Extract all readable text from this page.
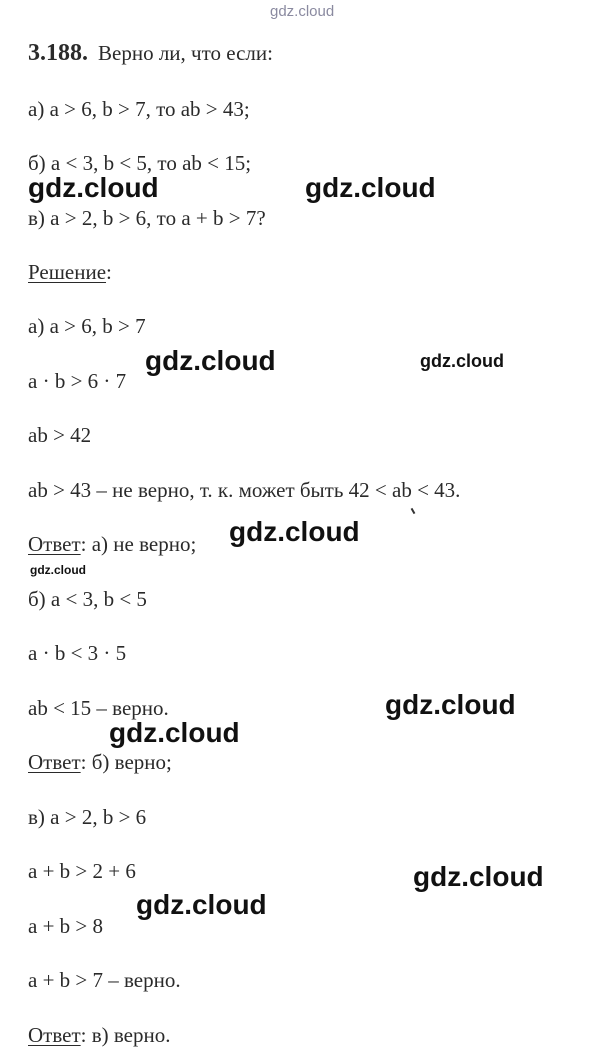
gdz.cloud
3.188. Верно ли, что если:
а) a > 6, b > 7, то ab > 43;
б) a < 3, b < 5, то ab < 15;
в) a > 2, b > 6, то a + b > 7?
Решение:
а) a > 6, b > 7
a · b > 6 · 7
ab > 42
ab > 43 – не верно, т. к. может быть 42 < ab < 43.
Ответ: а) не верно;
б) a < 3, b < 5
a · b < 3 · 5
ab < 15 – верно.
Ответ: б) верно;
в) a > 2, b > 6
a + b > 2 + 6
a + b > 8
a + b > 7 – верно.
Ответ: в) верно.
gdz.cloud	gdz.cloud
gdz.cloud	gdz.cloud
gdz.cloud
gdz.cloud
gdz.cloud
gdz.cloud
gdz.cloud
gdz.cloud
